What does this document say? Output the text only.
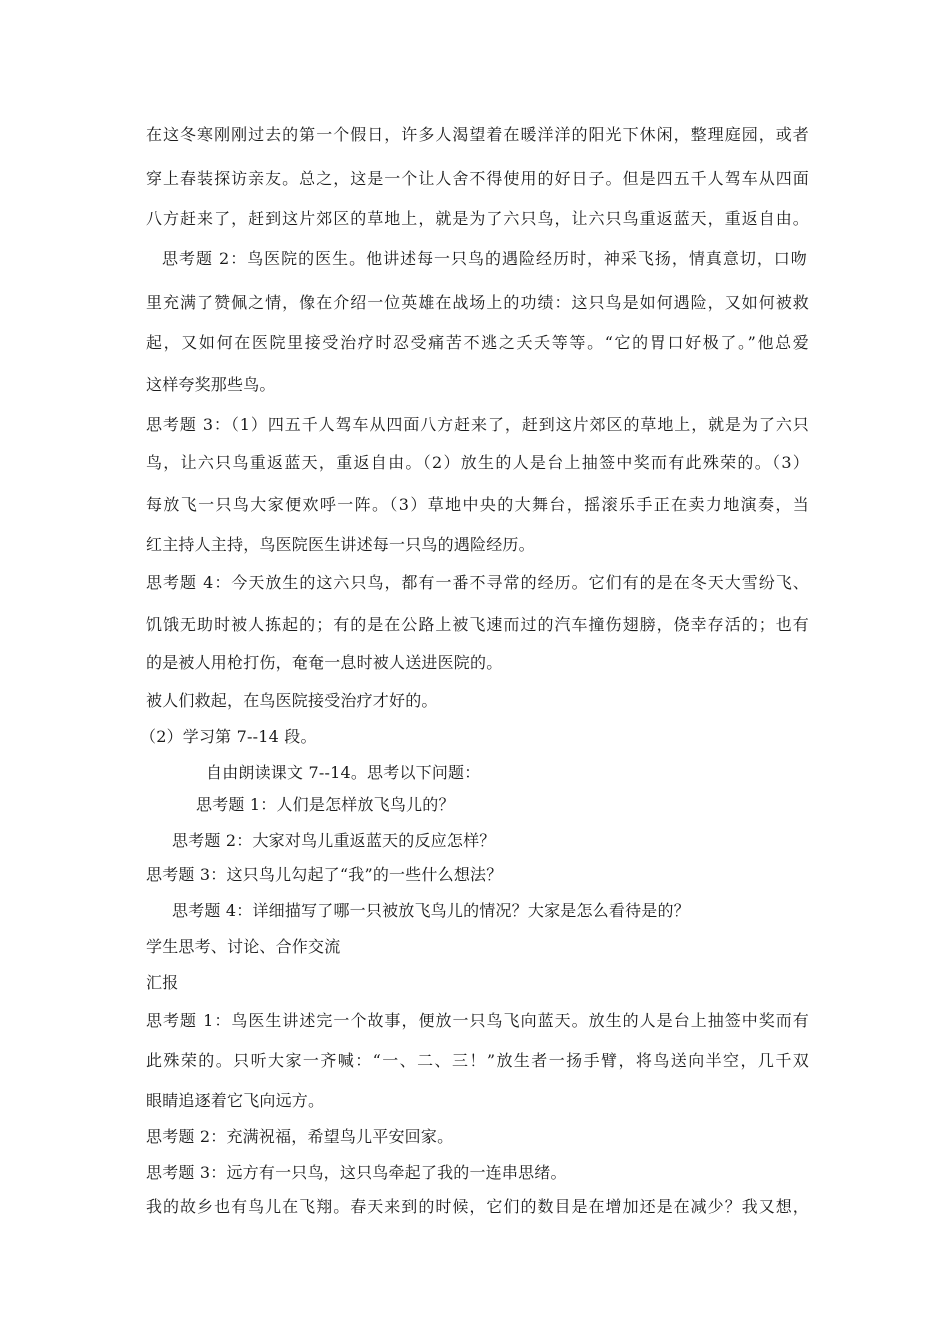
在这冬寒刚刚过去的第一个假日，许多人渴望着在暖洋洋的阳光下休闲，整理庭园，或者
穿上春装探访亲友。总之，这是一个让人舍不得使用的好日子。但是四五千人驾车从四面
八方赶来了，赶到这片郊区的草地上，就是为了六只鸟，让六只鸟重返蓝天，重返自由。
思考题 2：鸟医院的医生。他讲述每一只鸟的遇险经历时，神采飞扬，情真意切，口吻
里充满了赞佩之情，像在介绍一位英雄在战场上的功绩：这只鸟是如何遇险，又如何被救
起，又如何在医院里接受治疗时忍受痛苦不逃之夭夭等等。“它的胃口好极了。”他总爱
这样夸奖那些鸟。
思考题 3：（1）四五千人驾车从四面八方赶来了，赶到这片郊区的草地上，就是为了六只
鸟，让六只鸟重返蓝天，重返自由。（2）放生的人是台上抽签中奖而有此殊荣的。（3）
每放飞一只鸟大家便欢呼一阵。（3）草地中央的大舞台，摇滚乐手正在卖力地演奏，当
红主持人主持，鸟医院医生讲述每一只鸟的遇险经历。
思考题 4：今天放生的这六只鸟，都有一番不寻常的经历。它们有的是在冬天大雪纷飞、
饥饿无助时被人拣起的；有的是在公路上被飞速而过的汽车撞伤翅膀，侥幸存活的；也有
的是被人用枪打伤，奄奄一息时被人送进医院的。
被人们救起，在鸟医院接受治疗才好的。
（2）学习第 7--14 段。
自由朗读课文 7--14。思考以下问题：
思考题 1：人们是怎样放飞鸟儿的？
思考题 2：大家对鸟儿重返蓝天的反应怎样？
思考题 3：这只鸟儿勾起了“我”的一些什么想法？
思考题 4：详细描写了哪一只被放飞鸟儿的情况？大家是怎么看待是的？
学生思考、讨论、合作交流
汇报
思考题 1：鸟医生讲述完一个故事，便放一只鸟飞向蓝天。放生的人是台上抽签中奖而有
此殊荣的。只听大家一齐喊：“一、二、三！”放生者一扬手臂，将鸟送向半空，几千双
眼睛追逐着它飞向远方。
思考题 2：充满祝福，希望鸟儿平安回家。
思考题 3：远方有一只鸟，这只鸟牵起了我的一连串思绪。
我的故乡也有鸟儿在飞翔。春天来到的时候，它们的数目是在增加还是在减少？我又想，
